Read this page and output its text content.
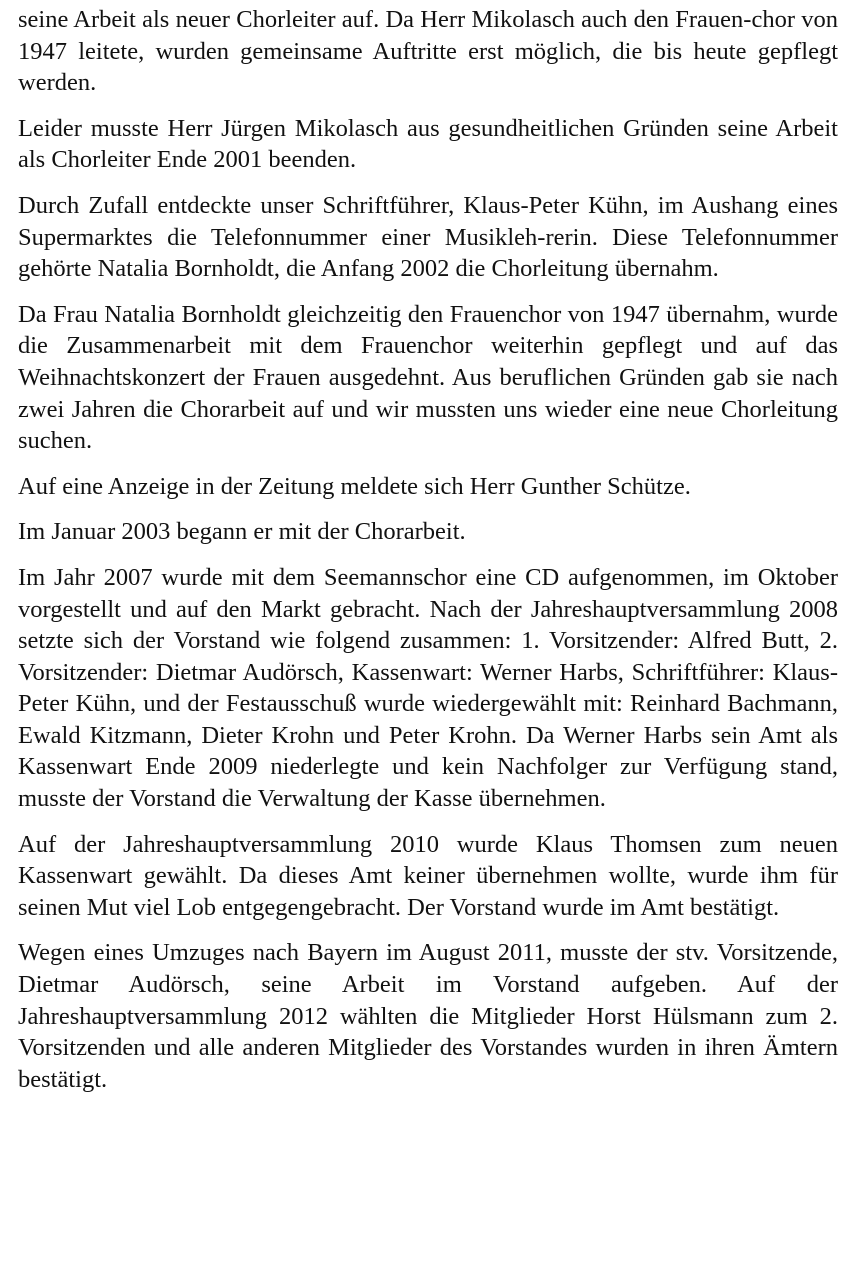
seine Arbeit als neuer Chorleiter auf. Da Herr Mikolasch auch den Frauen-chor von 1947 leitete, wurden gemeinsame Auftritte erst möglich, die bis heute gepflegt werden.

Leider musste Herr Jürgen Mikolasch aus gesundheitlichen Gründen seine Arbeit als Chorleiter Ende 2001 beenden.

Durch Zufall entdeckte unser Schriftführer, Klaus-Peter Kühn, im Aushang eines Supermarktes die Telefonnummer einer Musikleh-rerin. Diese Telefonnummer gehörte Natalia Bornholdt, die Anfang 2002 die Chorleitung übernahm.

Da Frau Natalia Bornholdt gleichzeitig den Frauenchor von 1947 übernahm, wurde die Zusammenarbeit mit dem Frauenchor weiterhin gepflegt und auf das Weihnachtskonzert der Frauen ausgedehnt. Aus beruflichen Gründen gab sie nach zwei Jahren die Chorarbeit auf und wir mussten uns wieder eine neue Chorleitung suchen.

Auf eine Anzeige in der Zeitung meldete sich Herr Gunther Schütze.

Im Januar 2003 begann er mit der Chorarbeit.

Im Jahr 2007 wurde mit dem Seemannschor eine CD aufgenommen, im Oktober vorgestellt und auf den Markt gebracht. Nach der Jahreshauptversammlung 2008 setzte sich der Vorstand wie folgend zusammen: 1. Vorsitzender: Alfred Butt, 2. Vorsitzender: Dietmar Audörsch, Kassenwart: Werner Harbs, Schriftführer: Klaus-Peter Kühn, und der Festausschuß wurde wiedergewählt mit: Reinhard Bachmann, Ewald Kitzmann, Dieter Krohn und Peter Krohn. Da Werner Harbs sein Amt als Kassenwart Ende 2009 niederlegte und kein Nachfolger zur Verfügung stand, musste der Vorstand die Verwaltung der Kasse übernehmen.

Auf der Jahreshauptversammlung 2010 wurde Klaus Thomsen zum neuen Kassenwart gewählt. Da dieses Amt keiner übernehmen wollte, wurde ihm für seinen Mut viel Lob entgegengebracht. Der Vorstand wurde im Amt bestätigt.

Wegen eines Umzuges nach Bayern im August 2011, musste der stv. Vorsitzende, Dietmar Audörsch, seine Arbeit im Vorstand aufgeben. Auf der Jahreshauptversammlung 2012 wählten die Mitglieder Horst Hülsmann zum 2. Vorsitzenden und alle anderen Mitglieder des Vorstandes wurden in ihren Ämtern bestätigt.
